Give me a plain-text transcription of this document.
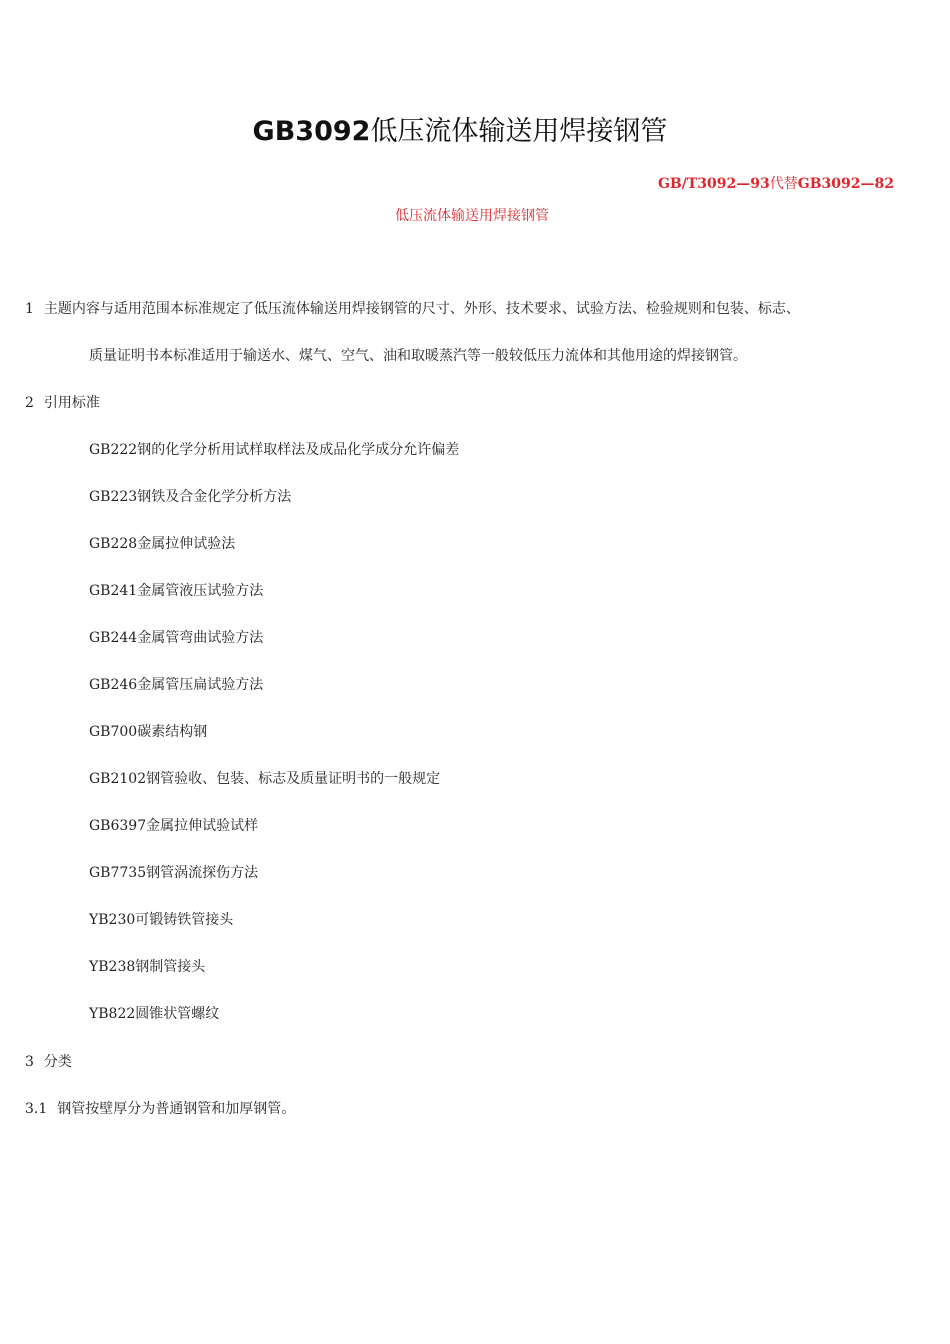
GB3092低压流体输送用焊接钢管
GB/T3092—93代替GB3092—82
低压流体输送用焊接钢管
1 主题内容与适用范围本标准规定了低压流体输送用焊接钢管的尺寸、外形、技术要求、试验方法、检验规则和包装、标志、
质量证明书本标准适用于输送水、煤气、空气、油和取暖蒸汽等一般较低压力流体和其他用途的焊接钢管。
2 引用标准
GB222钢的化学分析用试样取样法及成品化学成分允许偏差
GB223钢铁及合金化学分析方法
GB228金属拉伸试验法
GB241金属管液压试验方法
GB244金属管弯曲试验方法
GB246金属管压扁试验方法
GB700碳素结构钢
GB2102钢管验收、包装、标志及质量证明书的一般规定
GB6397金属拉伸试验试样
GB7735钢管涡流探伤方法
YB230可锻铸铁管接头
YB238钢制管接头
YB822圆锥状管螺纹
3 分类
3.1 钢管按壁厚分为普通钢管和加厚钢管。
